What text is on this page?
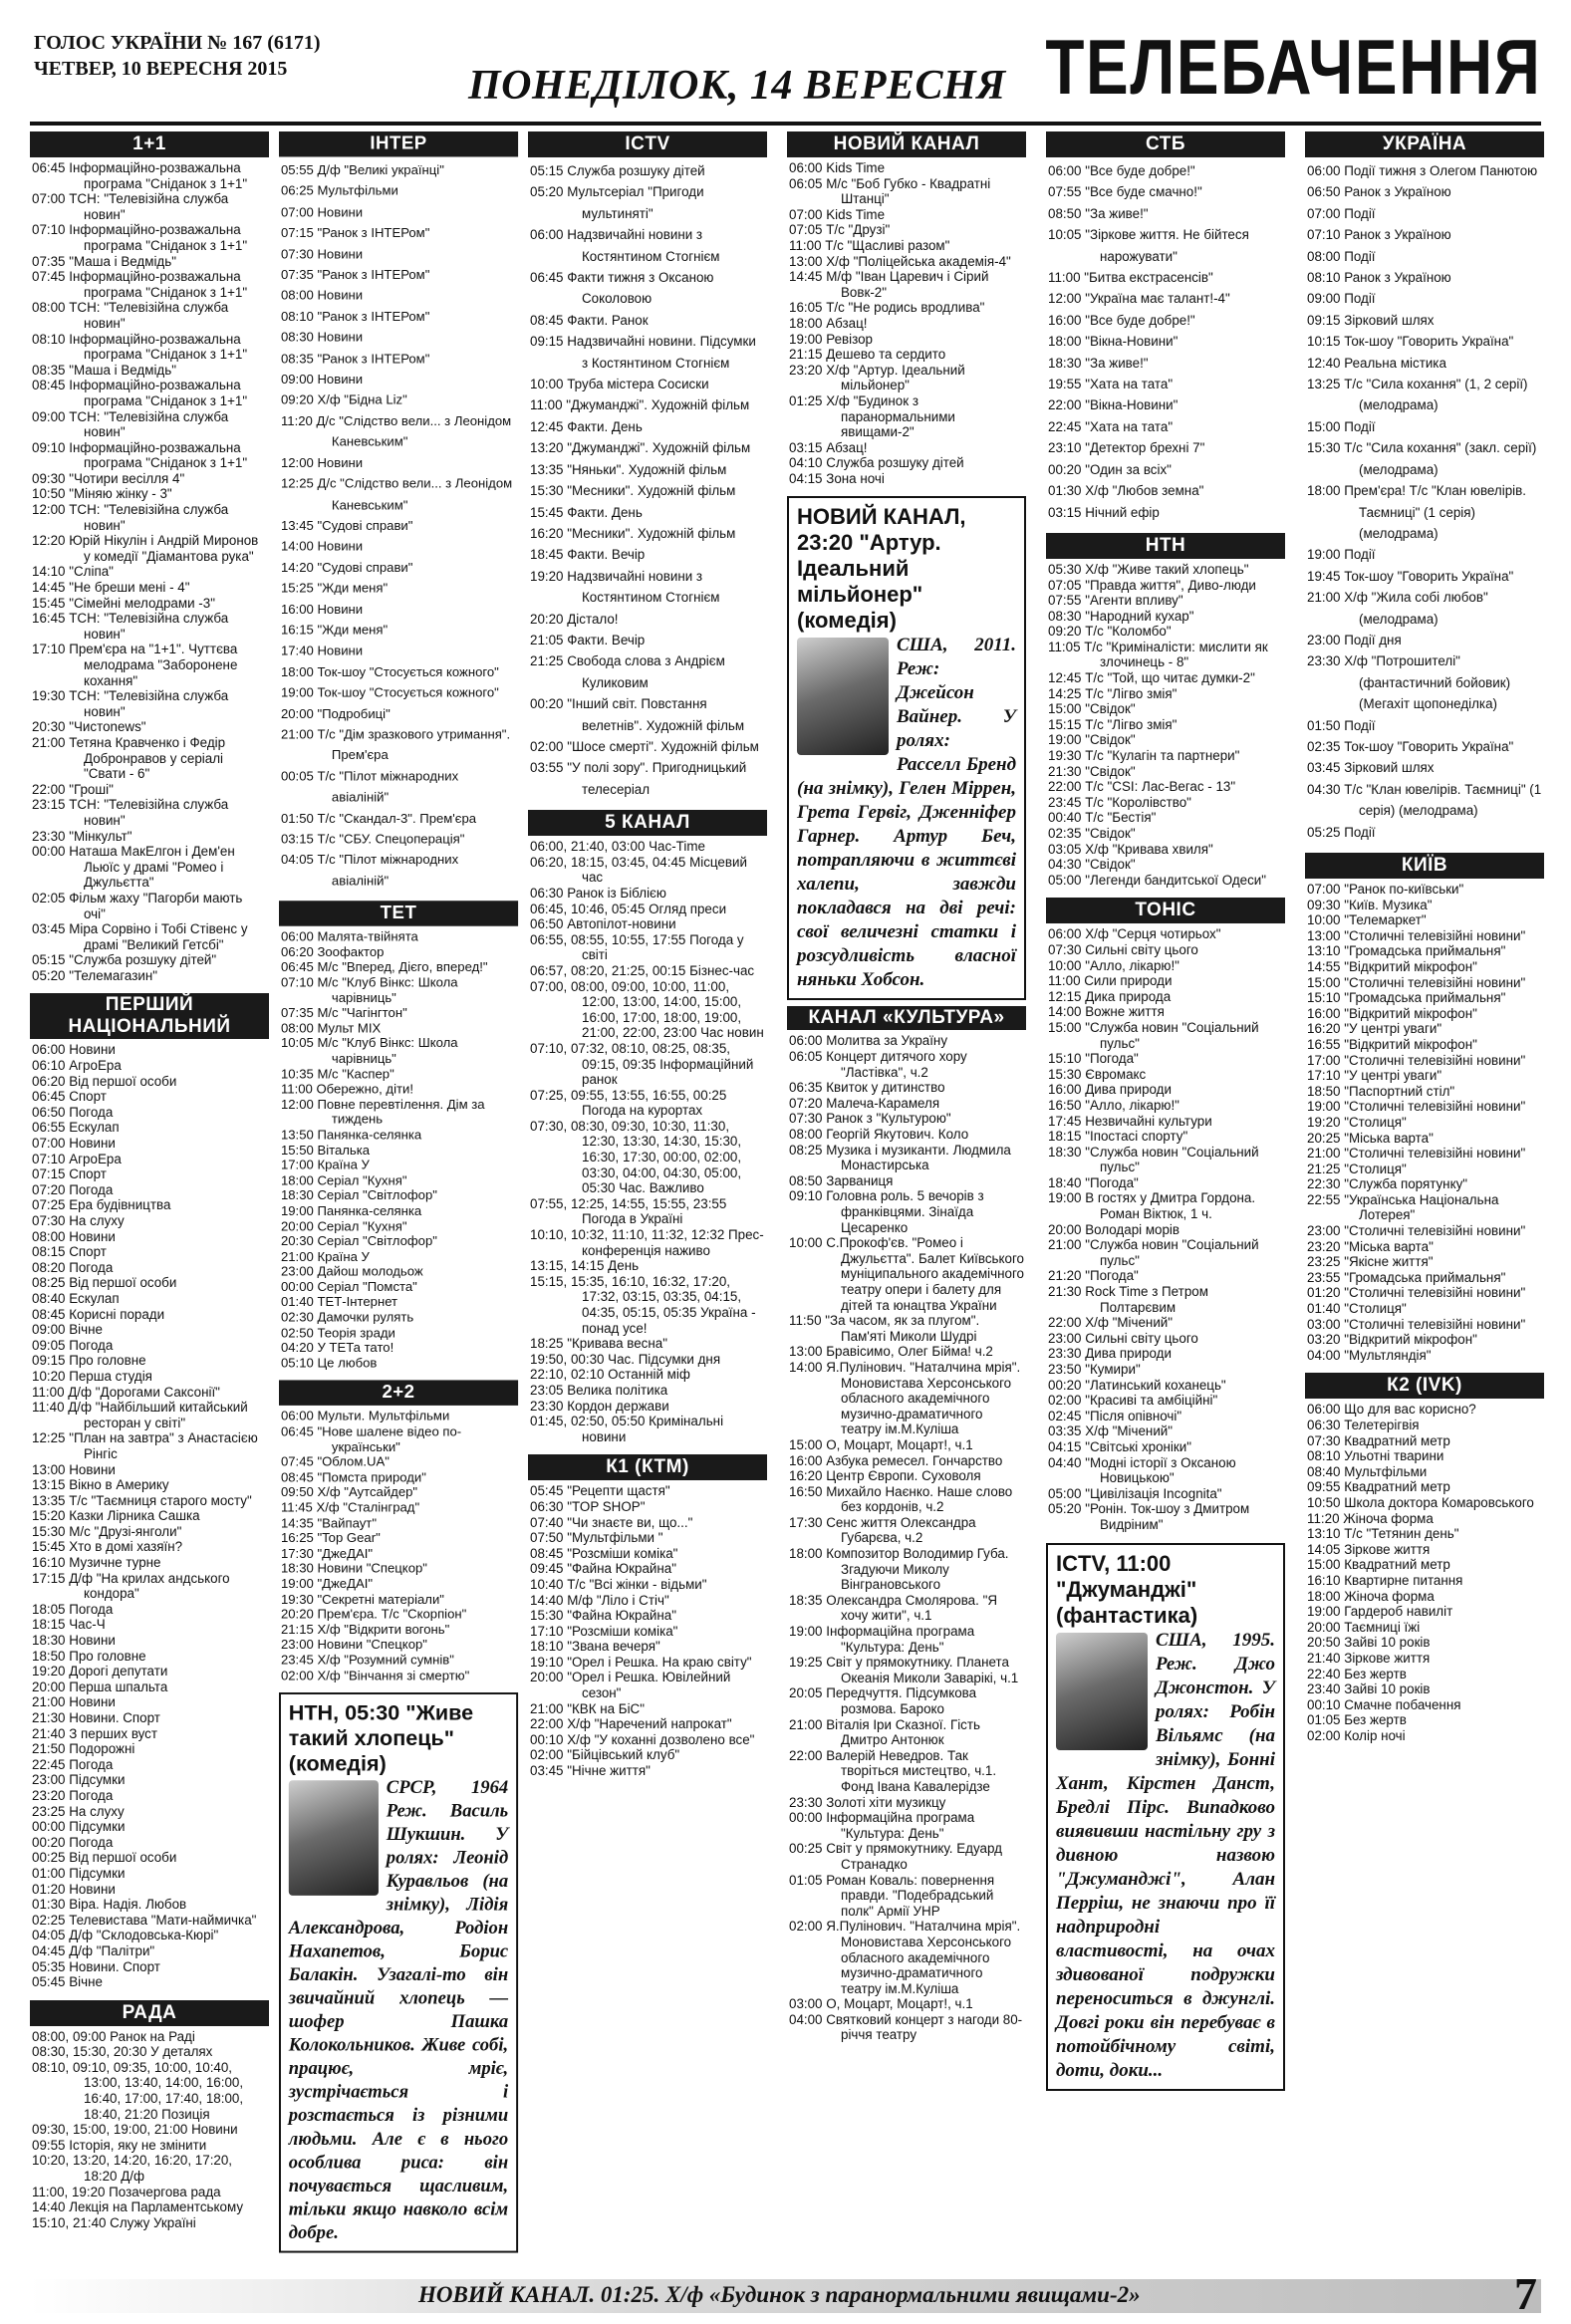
ГОЛОС УКРАЇНИ № 167 (6171)
ЧЕТВЕР, 10 ВЕРЕСНЯ 2015	ПОНЕДІЛОК, 14 ВЕРЕСНЯ ТЕЛЕБАЧЕННЯ
1+1
06:45 Інформаційно-розважальна програма "Сніданок з 1+1"
07:00 ТСН: "Телевізійна служба новин"
07:10 Інформаційно-розважальна програма "Сніданок з 1+1"
07:35 "Маша і Ведмідь"
07:45 Інформаційно-розважальна програма "Сніданок з 1+1"
08:00 ТСН: "Телевізійна служба новин"
08:10 Інформаційно-розважальна програма "Сніданок з 1+1"
08:35 "Маша і Ведмідь"
08:45 Інформаційно-розважальна програма "Сніданок з 1+1"
09:00 ТСН: "Телевізійна служба новин"
09:10 Інформаційно-розважальна програма "Сніданок з 1+1"
09:30 "Чотири весілля 4"
10:50 "Міняю жінку - 3"
12:00 ТСН: "Телевізійна служба новин"
12:20 Юрій Нікулін і Андрій Миронов у комедії "Діамантова рука"
14:10 "Сліпа"
14:45 "Не бреши мені - 4"
15:45 "Сімейні мелодрами -3"
16:45 ТСН: "Телевізійна служба новин"
17:10 Прем'єра на "1+1". Чуттєва мелодрама "Заборонене кохання"
19:30 ТСН: "Телевізійна служба новин"
20:30 "Чистоnews"
21:00 Тетяна Кравченко і Федір Добронравов у серіалі "Свати - 6"
22:00 "Гроші"
23:15 ТСН: "Телевізійна служба новин"
23:30 "Мінкульт"
00:00 Наташа МакЕлгон і Дем'ен Льюїс у драмі "Ромео і Джульєтта"
02:05 Фільм жаху "Пагорби мають очі"
03:45 Міра Сорвіно і Тобі Стівенс у драмі "Великий Гетсбі"
05:15 "Служба розшуку дітей"
05:20 "Телемагазин"
ПЕРШИЙ НАЦІОНАЛЬНИЙ
06:00 Новини
06:10 АгроЕра
06:20 Від першої особи
06:45 Спорт
06:50 Погода
06:55 Ескулап
07:00 Новини
07:10 АгроЕра
07:15 Спорт
07:20 Погода
07:25 Ера будівництва
07:30 На слуху
08:00 Новини
08:15 Спорт
08:20 Погода
08:25 Від першої особи
08:40 Ескулап
08:45 Корисні поради
09:00 Вічне
09:05 Погода
09:15 Про головне
10:20 Перша студія
11:00 Д/ф "Дорогами Саксонії"
11:40 Д/ф "Найбільший китайський ресторан у світі"
12:25 "План на завтра" з Анастасією Рінгіс
13:00 Новини
13:15 Вікно в Америку
13:35 Т/с "Таємниця старого мосту"
15:20 Казки Лірника Сашка
15:30 М/с "Друзі-янголи"
15:45 Хто в домі хазяїн?
16:10 Музичне турне
17:15 Д/ф "На крилах андського кондора"
18:05 Погода
18:15 Час-Ч
18:30 Новини
18:50 Про головне
19:20 Дорогі депутати
20:00 Перша шпальта
21:00 Новини
21:30 Новини. Спорт
21:40 З перших вуст
21:50 Подорожні
22:45 Погода
23:00 Підсумки
23:20 Погода
23:25 На слуху
00:00 Підсумки
00:20 Погода
00:25 Від першої особи
01:00 Підсумки
01:20 Новини
01:30 Віра. Надія. Любов
02:25 Телевистава "Мати-наймичка"
04:05 Д/ф "Склодовська-Кюрі"
04:45 Д/ф "Палітри"
05:35 Новини. Спорт
05:45 Вічне
РАДА
08:00, 09:00 Ранок на Раді
08:30, 15:30, 20:30 У деталях
08:10, 09:10, 09:35, 10:00, 10:40, 13:00, 13:40, 14:00, 16:00, 16:40, 17:00, 17:40, 18:00, 18:40, 21:20 Позиція
09:30, 15:00, 19:00, 21:00 Новини
09:55 Історія, яку не змінити
10:20, 13:20, 14:20, 16:20, 17:20, 18:20 Д/ф
11:00, 19:20 Позачергова рада
14:40 Лекція на Парламентському
15:10, 21:40 Служу Україні
ІНТЕР
05:55 Д/ф "Великі українці"
06:25 Мультфільми
07:00 Новини
07:15 "Ранок з ІНТЕРом"
07:30 Новини
07:35 "Ранок з ІНТЕРом"
08:00 Новини
08:10 "Ранок з ІНТЕРом"
08:30 Новини
08:35 "Ранок з ІНТЕРом"
09:00 Новини
09:20 Х/ф "Бідна Liz"
11:20 Д/с "Слідство вели... з Леонідом Каневським"
12:00 Новини
12:25 Д/с "Слідство вели... з Леонідом Каневським"
13:45 "Судові справи"
14:00 Новини
14:20 "Судові справи"
15:25 "Жди меня"
16:00 Новини
16:15 "Жди меня"
17:40 Новини
18:00 Ток-шоу "Стосується кожного"
19:00 Ток-шоу "Стосується кожного"
20:00 "Подробиці"
21:00 Т/с "Дім зразкового утримання". Прем'єра
00:05 Т/с "Пілот міжнародних авіаліній"
01:50 Т/с "Скандал-3". Прем'єра
03:15 Т/с "СБУ. Спецоперація"
04:05 Т/с "Пілот міжнародних авіаліній"
ТЕТ
06:00 Малята-твійнята
06:20 Зоофактор
06:45 М/с "Вперед, Дієго, вперед!"
07:10 М/с "Клуб Вінкс: Школа чарівниць"
07:35 М/с "Чагінгтон"
08:00 Мульт MIX
10:05 М/с "Клуб Вінкс: Школа чарівниць"
10:35 М/с "Каспер"
11:00 Обережно, діти!
12:00 Повне перевтілення. Дім за тиждень
13:50 Панянка-селянка
15:50 Віталька
17:00 Країна У
18:00 Серіал "Кухня"
18:30 Серіал "Світлофор"
19:00 Панянка-селянка
20:00 Серіал "Кухня"
20:30 Серіал "Світлофор"
21:00 Країна У
23:00 Дайош молодьож
00:00 Серіал "Помста"
01:40 ТЕТ-Інтернет
02:30 Дамочки рулять
02:50 Теорія зради
04:20 У ТЕТа тато!
05:10 Це любов
2+2
06:00 Мульти. Мультфільми
06:45 "Нове шалене відео по-українськи"
07:45 "Облом.UA"
08:45 "Помста природи"
09:50 Х/ф "Аутсайдер"
11:45 Х/ф "Сталінград"
14:35 "Вайпаут"
16:25 "Top Gear"
17:30 "ДжеДАІ"
18:30 Новини "Спецкор"
19:00 "ДжеДАІ"
19:30 "Секретні матеріали"
20:20 Прем'єра. Т/с "Скорпіон"
21:15 Х/ф "Відкрити вогонь"
23:00 Новини "Спецкор"
23:45 Х/ф "Розумний сумнів"
02:00 Х/ф "Вінчання зі смертю"
НТН, 05:30 "Живе такий хлопець" (комедія)
СРСР, 1964 Реж. Василь Шукшин. У ролях: Леонід Куравльов (на знімку), Лідія Александрова, Родіон Нахапетов, Борис Балакін. Узагалі-то він звичайний хлопець — шофер Пашка Колокольников. Живе собі, працює, мріє, зустрічається і розстається із різними людьми. Але є в нього особлива риса: він почувається щасливим, тільки якщо навколо всім добре.
ICTV
05:15 Служба розшуку дітей
05:20 Мультсеріал "Пригоди мультиняті"
06:00 Надзвичайні новини з Костянтином Стогнієм
06:45 Факти тижня з Оксаною Соколовою
08:45 Факти. Ранок
09:15 Надзвичайні новини. Підсумки з Костянтином Стогнієм
10:00 Труба містера Сосиски
11:00 "Джуманджі". Художній фільм
12:45 Факти. День
13:20 "Джуманджі". Художній фільм
13:35 "Няньки". Художній фільм
15:30 "Месники". Художній фільм
15:45 Факти. День
16:20 "Месники". Художній фільм
18:45 Факти. Вечір
19:20 Надзвичайні новини з Костянтином Стогнієм
20:20 Дістало!
21:05 Факти. Вечір
21:25 Свобода слова з Андрієм Куликовим
00:20 "Інший світ. Повстання велетнів". Художній фільм
02:00 "Шосе смерті". Художній фільм
03:55 "У полі зору". Пригодницький телесеріал
5 КАНАЛ
06:00, 21:40, 03:00 Час-Time
06:20, 18:15, 03:45, 04:45 Місцевий час
06:30 Ранок із Біблією
06:45, 10:46, 05:45 Огляд преси
06:50 Автопілот-новини
06:55, 08:55, 10:55, 17:55 Погода у світі
06:57, 08:20, 21:25, 00:15 Бізнес-час
07:00, 08:00, 09:00, 10:00, 11:00, 12:00, 13:00, 14:00, 15:00, 16:00, 17:00, 18:00, 19:00, 21:00, 22:00, 23:00 Час новин
07:10, 07:32, 08:10, 08:25, 08:35, 09:15, 09:35 Інформаційний ранок
07:25, 09:55, 13:55, 16:55, 00:25 Погода на курортах
07:30, 08:30, 09:30, 10:30, 11:30, 12:30, 13:30, 14:30, 15:30, 16:30, 17:30, 00:00, 02:00, 03:30, 04:00, 04:30, 05:00, 05:30 Час. Важливо
07:55, 12:25, 14:55, 15:55, 23:55 Погода в Україні
10:10, 10:32, 11:10, 11:32, 12:32 Прес-конференція наживо
13:15, 14:15 День
15:15, 15:35, 16:10, 16:32, 17:20, 17:32, 03:15, 03:35, 04:15, 04:35, 05:15, 05:35 Україна - понад усе!
18:25 "Кривава весна"
19:50, 00:30 Час. Підсумки дня
22:10, 02:10 Останній міф
23:05 Велика політика
23:30 Кордон держави
01:45, 02:50, 05:50 Кримінальні новини
К1 (КТМ)
05:45 "Рецепти щастя"
06:30 "TOP SHOP"
07:40 "Чи знаєте ви, що..."
07:50 "Мультфільми "
08:45 "Розсміши коміка"
09:45 "Файна Юкрайна"
10:40 Т/с "Всі жінки - відьми"
14:40 М/ф "Ліло і Стіч"
15:30 "Файна Юкрайна"
17:10 "Розсміши коміка"
18:10 "Звана вечеря"
19:10 "Орел і Решка. На краю світу"
20:00 "Орел і Решка. Ювілейний сезон"
21:00 "КВК на БіС"
22:00 Х/ф "Наречений напрокат"
00:10 Х/ф "У коханні дозволено все"
02:00 "Бійцівський клуб"
03:45 "Нічне життя"
НОВИЙ КАНАЛ
06:00 Kids Time
06:05 М/с "Боб Губко - Квадратні Штанці"
07:00 Kids Time
07:05 Т/с "Друзі"
11:00 Т/с "Щасливі разом"
13:00 Х/ф "Поліцейська академія-4"
14:45 М/ф "Іван Царевич і Сірий Вовк-2"
16:05 Т/с "Не родись вродлива"
18:00 Абзац!
19:00 Ревізор
21:15 Дешево та сердито
23:20 Х/ф "Артур. Ідеальний мільйонер"
01:25 Х/ф "Будинок з паранормальними явищами-2"
03:15 Абзац!
04:10 Служба розшуку дітей
04:15 Зона ночі
НОВИЙ КАНАЛ, 23:20 "Артур. Ідеальний мільйонер" (комедія)
США, 2011. Реж: Джейсон Вайнер. У ролях: Расселл Бренд (на знімку), Гелен Міррен, Грета Гервіг, Дженніфер Гарнер. Артур Беч, потрапляючи в життєві халепи, завжди покладався на дві речі: свої величезні статки і розсудливість власної няньки Хобсон.
КАНАЛ «КУЛЬТУРА»
06:00 Молитва за Україну
06:05 Концерт дитячого хору "Ластівка", ч.2
06:35 Квиток у дитинство
07:20 Малеча-Карамеля
07:30 Ранок з "Культурою"
08:00 Георгій Якутович. Коло
08:25 Музика і музиканти. Людмила Монастирська
08:50 Зарваниця
09:10 Головна роль. 5 вечорів з франківцями. Зінаїда Цесаренко
10:00 С.Прокоф'єв. "Ромео і Джульєтта". Балет Київського муніципального академічного театру опери і балету для дітей та юнацтва України
11:50 "За часом, як за плугом". Пам'яті Миколи Шудрі
13:00 Бравісимо, Олег Бійма! ч.2
14:00 Я.Пулінович. "Наталчина мрія". Моновистава Херсонського обласного академічного музично-драматичного театру ім.М.Куліша
15:00 О, Моцарт, Моцарт!, ч.1
16:00 Азбука ремесел. Гончарство
16:20 Центр Європи. Суховоля
16:50 Михайло Наєнко. Наше слово без кордонів, ч.2
17:30 Сенс життя Олександра Губарєва, ч.2
18:00 Композитор Володимир Губа. Згадуючи Миколу Вінграновського
18:35 Олександра Смолярова. "Я хочу жити", ч.1
19:00 Інформаційна програма "Культура: День"
19:25 Світ у прямокутнику. Планета Океанія Миколи Заварікі, ч.1
20:05 Передчуття. Підсумкова розмова. Бароко
21:00 Віталія Іри Сказної. Гість Дмитро Антонюк
22:00 Валерій Неведров. Так творіться мистецтво, ч.1. Фонд Івана Кавалерідзе
23:30 Золоті хіти музикцу
00:00 Інформаційна програма "Культура: День"
00:25 Світ у прямокутнику. Едуард Странадко
01:05 Роман Коваль: повернення правди. "Подебрадський полк" Армії УНР
02:00 Я.Пулінович. "Наталчина мрія". Моновистава Херсонського обласного академічного музично-драматичного театру ім.М.Куліша
03:00 О, Моцарт, Моцарт!, ч.1
04:00 Святковий концерт з нагоди 80-річчя театру
СТБ
06:00 "Все буде добре!"
07:55 "Все буде смачно!"
08:50 "За живе!"
10:05 "Зіркове життя. Не бійтеся нарожувати"
11:00 "Битва екстрасенсів"
12:00 "Україна має талант!-4"
16:00 "Все буде добре!"
18:00 "Вікна-Новини"
18:30 "За живе!"
19:55 "Хата на тата"
22:00 "Вікна-Новини"
22:45 "Хата на тата"
23:10 "Детектор брехні 7"
00:20 "Один за всіх"
01:30 Х/ф "Любов земна"
03:15 Нічний ефір
НТН
05:30 Х/ф "Живе такий хлопець"
07:05 "Правда життя", Диво-люди
07:55 "Агенти впливу"
08:30 "Народний кухар"
09:20 Т/с "Коломбо"
11:05 Т/с "Криміналісти: мислити як злочинець - 8"
12:45 Т/с "Той, що читає думки-2"
14:25 Т/с "Лігво змія"
15:00 "Свідок"
15:15 Т/с "Лігво змія"
19:00 "Свідок"
19:30 Т/с "Кулагін та партнери"
21:30 "Свідок"
22:00 Т/с "CSI: Лас-Вегас - 13"
23:45 Т/с "Королівство"
00:40 Т/с "Бестія"
02:35 "Свідок"
03:05 Х/ф "Кривава хвиля"
04:30 "Свідок"
05:00 "Легенди бандитської Одеси"
ТОНІС
06:00 Х/ф "Серця чотирьох"
07:30 Сильні світу цього
10:00 "Алло, лікарю!"
11:00 Сили природи
12:15 Дика природа
14:00 Вожне життя
15:00 "Служба новин "Соціальний пульс"
15:10 "Погода"
15:30 Євромакс
16:00 Дива природи
16:50 "Алло, лікарю!"
17:45 Незвичайні культури
18:15 "Іпостасі спорту"
18:30 "Служба новин "Соціальний пульс"
18:40 "Погода"
19:00 В гостях у Дмитра Гордона. Роман Віктюк, 1 ч.
20:00 Володарі морів
21:00 "Служба новин "Соціальний пульс"
21:20 "Погода"
21:30 Rock Time з Петром Полтарєвим
22:00 Х/ф "Мічений"
23:00 Сильні світу цього
23:30 Дива природи
23:50 "Кумири"
00:20 "Латинський коханець"
02:00 "Красиві та амбіційні"
02:45 "Після опівночі"
03:35 Х/ф "Мічений"
04:15 "Світські хроніки"
04:40 "Модні історії з Оксаною Новицькою"
05:00 "Цивілізація Incognita"
05:20 "Ронін. Ток-шоу з Дмитром Видріним"
ICTV, 11:00 "Джуманджі" (фантастика)
США, 1995. Реж. Джо Джонстон. У ролях: Робін Вільямс (на знімку), Бонні Хант, Кірстен Данст, Бредлі Пірс. Випадково виявивши настільну гру з дивною назвою "Джуманджі", Алан Перріш, не знаючи про її надприродні властивості, на очах здивованої подружки переноситься в джунглі. Довгі роки він перебуває в потойбічному світі, доти, доки...
УКРАЇНА
06:00 Події тижня з Олегом Панютою
06:50 Ранок з Україною
07:00 Події
07:10 Ранок з Україною
08:00 Події
08:10 Ранок з Україною
09:00 Події
09:15 Зірковий шлях
10:15 Ток-шоу "Говорить Україна"
12:40 Реальна містика
13:25 Т/с "Сила кохання" (1, 2 серії) (мелодрама)
15:00 Події
15:30 Т/с "Сила кохання" (закл. серії) (мелодрама)
18:00 Прем'єра! Т/с "Клан ювелірів. Таємниці" (1 серія) (мелодрама)
19:00 Події
19:45 Ток-шоу "Говорить Україна"
21:00 Х/ф "Жила собі любов" (мелодрама)
23:00 Події дня
23:30 Х/ф "Потрошителі" (фантастичний бойовик) (Мегахіт щопонеділка)
01:50 Події
02:35 Ток-шоу "Говорить Україна"
03:45 Зірковий шлях
04:30 Т/с "Клан ювелірів. Таємниці" (1 серія) (мелодрама)
05:25 Події
КИЇВ
07:00 "Ранок по-київськи"
09:30 "Київ. Музика"
10:00 "Телемаркет"
13:00 "Столичні телевізійні новини"
13:10 "Громадська приймальня"
14:55 "Відкритий мікрофон"
15:00 "Столичні телевізійні новини"
15:10 "Громадська приймальня"
16:00 "Відкритий мікрофон"
16:20 "У центрі уваги"
16:55 "Відкритий мікрофон"
17:00 "Столичні телевізійні новини"
17:10 "У центрі уваги"
18:50 "Паспортний стіл"
19:00 "Столичні телевізійні новини"
19:20 "Столиця"
20:25 "Міська варта"
21:00 "Столичні телевізійні новини"
21:25 "Столиця"
22:30 "Служба порятунку"
22:55 "Українська Національна Лотерея"
23:00 "Столичні телевізійні новини"
23:20 "Міська варта"
23:25 "Якісне життя"
23:55 "Громадська приймальня"
01:20 "Столичні телевізійні новини"
01:40 "Столиця"
03:00 "Столичні телевізійні новини"
03:20 "Відкритий мікрофон"
04:00 "Мультляндія"
К2 (IVK)
06:00 Що для вас корисно?
06:30 Телетерігвія
07:30 Квадратний метр
08:10 Ульотні тварини
08:40 Мультфільми
09:55 Квадратний метр
10:50 Школа доктора Комаровського
11:20 Жіноча форма
13:10 Т/с "Тетянин день"
14:05 Зіркове життя
15:00 Квадратний метр
16:10 Квартирне питання
18:00 Жіноча форма
19:00 Гардероб навиліт
20:00 Таємниці їжі
20:50 Зайві 10 років
21:40 Зіркове життя
22:40 Без жертв
23:40 Зайві 10 років
00:10 Смачне побачення
01:05 Без жертв
02:00 Колір ночі
НОВИЙ КАНАЛ. 01:25. Х/ф «Будинок з паранормальними явищами-2»	7
